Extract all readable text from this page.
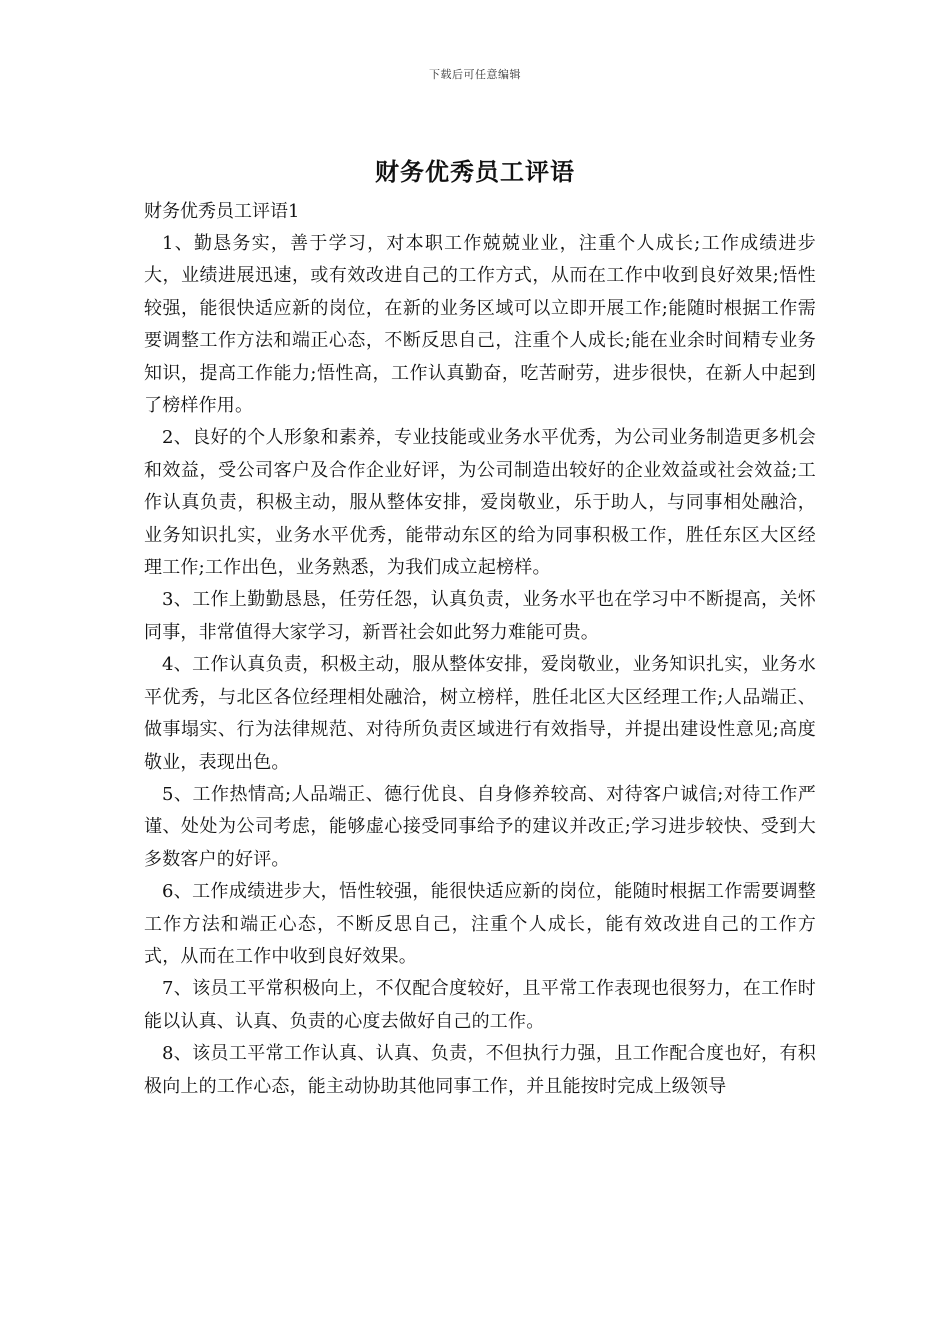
下载后可任意编辑
财务优秀员工评语

财务优秀员工评语1

1、勤恳务实，善于学习，对本职工作兢兢业业，注重个人成长;工作成绩进步大，业绩进展迅速，或有效改进自己的工作方式，从而在工作中收到良好效果;悟性较强，能很快适应新的岗位，在新的业务区域可以立即开展工作;能随时根据工作需要调整工作方法和端正心态，不断反思自己，注重个人成长;能在业余时间精专业务知识，提高工作能力;悟性高，工作认真勤奋，吃苦耐劳，进步很快，在新人中起到了榜样作用。

2、良好的个人形象和素养，专业技能或业务水平优秀，为公司业务制造更多机会和效益，受公司客户及合作企业好评，为公司制造出较好的企业效益或社会效益;工作认真负责，积极主动，服从整体安排，爱岗敬业，乐于助人，与同事相处融洽，业务知识扎实，业务水平优秀，能带动东区的给为同事积极工作，胜任东区大区经理工作;工作出色，业务熟悉，为我们成立起榜样。

3、工作上勤勤恳恳，任劳任怨，认真负责，业务水平也在学习中不断提高，关怀同事，非常值得大家学习，新晋社会如此努力难能可贵。

4、工作认真负责，积极主动，服从整体安排，爱岗敬业，业务知识扎实，业务水平优秀，与北区各位经理相处融洽，树立榜样，胜任北区大区经理工作;人品端正、做事塌实、行为法律规范、对待所负责区域进行有效指导，并提出建设性意见;高度敬业，表现出色。

5、工作热情高;人品端正、德行优良、自身修养较高、对待客户诚信;对待工作严谨、处处为公司考虑，能够虚心接受同事给予的建议并改正;学习进步较快、受到大多数客户的好评。

6、工作成绩进步大，悟性较强，能很快适应新的岗位，能随时根据工作需要调整工作方法和端正心态，不断反思自己，注重个人成长，能有效改进自己的工作方式，从而在工作中收到良好效果。

7、该员工平常积极向上，不仅配合度较好，且平常工作表现也很努力，在工作时能以认真、认真、负责的心度去做好自己的工作。

8、该员工平常工作认真、认真、负责，不但执行力强，且工作配合度也好，有积极向上的工作心态，能主动协助其他同事工作，并且能按时完成上级领导
